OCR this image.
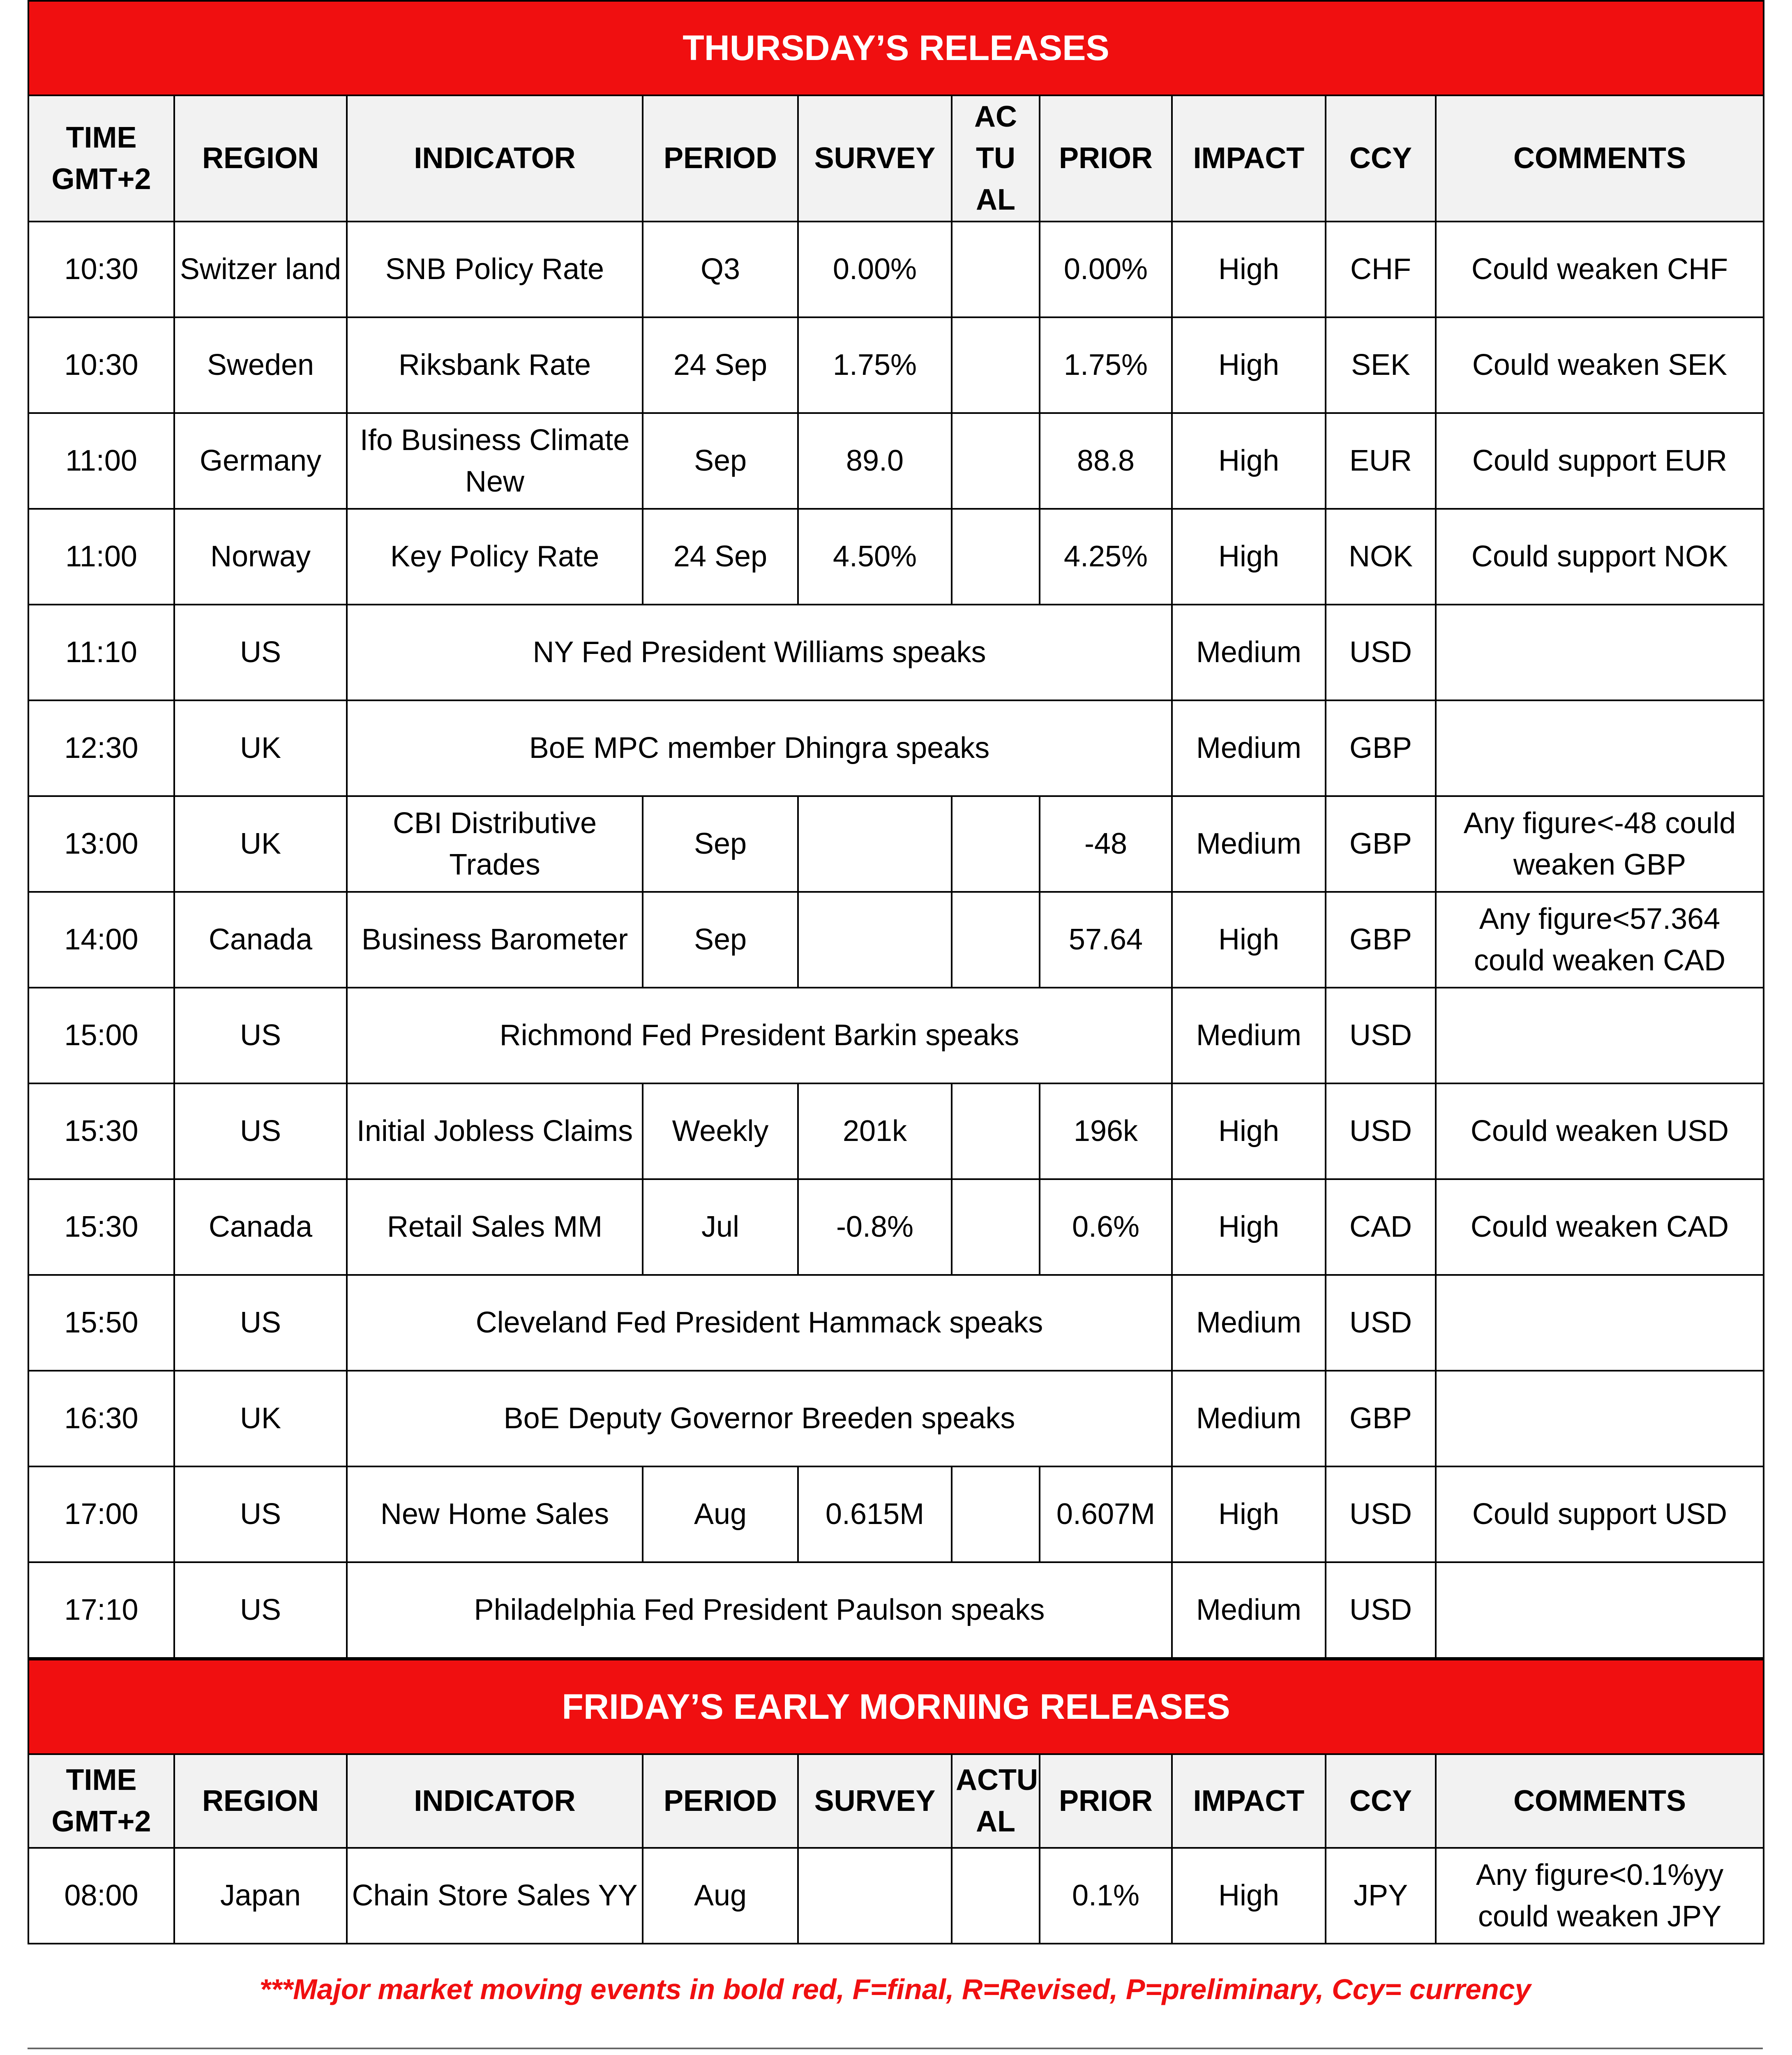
THURSDAY’S RELEASES									
TIME GMT+2	REGION	INDICATOR	PERIOD	SURVEY	AC TU AL	PRIOR	IMPACT	CCY	COMMENTS
10:30	Switzer land	SNB Policy Rate	Q3	0.00%		0.00%	High	CHF	Could weaken CHF
10:30	Sweden	Riksbank Rate	24 Sep	1.75%		1.75%	High	SEK	Could weaken SEK
11:00	Germany	Ifo Business Climate New	Sep	89.0		88.8	High	EUR	Could support EUR
11:00	Norway	Key Policy Rate	24 Sep	4.50%		4.25%	High	NOK	Could support NOK
11:10	US	NY Fed President Williams speaks					Medium	USD	
12:30	UK	BoE MPC member Dhingra speaks					Medium	GBP	
13:00	UK	CBI Distributive Trades	Sep			-48	Medium	GBP	Any figure<-48 could weaken GBP
14:00	Canada	Business Barometer	Sep			57.64	High	GBP	Any figure<57.364 could weaken CAD
15:00	US	Richmond Fed President Barkin speaks					Medium	USD	
15:30	US	Initial Jobless Claims	Weekly	201k		196k	High	USD	Could weaken USD
15:30	Canada	Retail Sales MM	Jul	-0.8%		0.6%	High	CAD	Could weaken CAD
15:50	US	Cleveland Fed President Hammack speaks					Medium	USD	
16:30	UK	BoE Deputy Governor Breeden speaks					Medium	GBP	
17:00	US	New Home Sales	Aug	0.615M		0.607M	High	USD	Could support USD
17:10	US	Philadelphia Fed President Paulson speaks					Medium	USD	
FRIDAY’S EARLY MORNING RELEASES									
TIME GMT+2	REGION	INDICATOR	PERIOD	SURVEY	ACTU AL	PRIOR	IMPACT	CCY	COMMENTS
08:00	Japan	Chain Store Sales YY	Aug			0.1%	High	JPY	Any figure<0.1%yy could weaken JPY
***Major market moving events in bold red, F=final, R=Revised, P=preliminary, Ccy= currency
